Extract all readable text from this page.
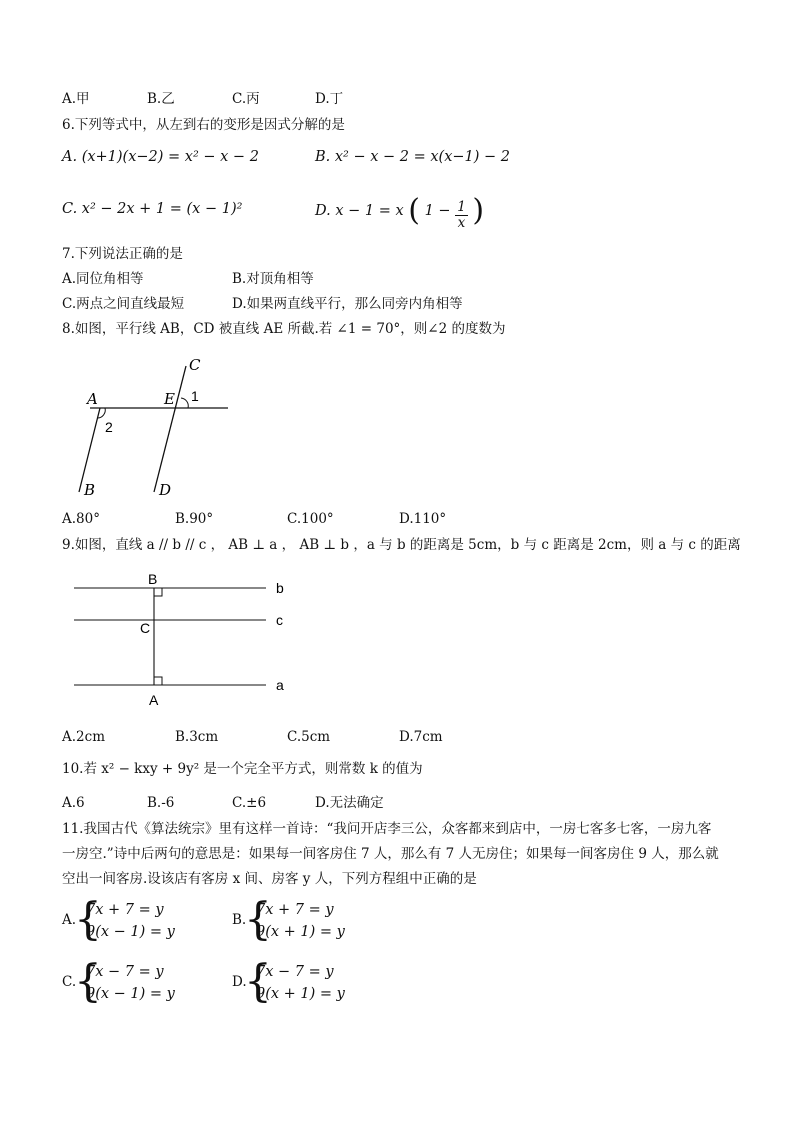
A.甲	B.乙	C.丙	D.丁
6.下列等式中，从左到右的变形是因式分解的是
A. (x+1)(x−2) = x² − x − 2	B. x² − x − 2 = x(x−1) − 2
C. x² − 2x + 1 = (x − 1)²	D. x − 1 = x ( $1 - \frac{1}{x}$ )
7.下列说法正确的是
A.同位角相等	B.对顶角相等
C.两点之间直线最短	D.如果两直线平行，那么同旁内角相等
8.如图，平行线 AB，CD 被直线 AE 所截.若 ∠1 = 70°，则∠2 的度数为
A	E
C
1
2
B	D
A.80°	B.90°	C.100°	D.110°
9.如图，直线 a // b // c ， AB ⊥ a ， AB ⊥ b ，a 与 b 的距离是 5cm，b 与 c 距离是 2cm，则 a 与 c 的距离
B
C
A
b
c
a
A.2cm	B.3cm	C.5cm	D.7cm
10.若 x² − kxy + 9y² 是一个完全平方式，则常数 k 的值为
A.6	B.-6	C.±6	D.无法确定
11.我国古代《算法统宗》里有这样一首诗：“我问开店李三公，众客都来到店中，一房七客多七客，一房九客
一房空.”诗中后两句的意思是：如果每一间客房住 7 人，那么有 7 人无房住；如果每一间客房住 9 人，那么就
空出一间客房.设该店有客房 x 间、房客 y 人，下列方程组中正确的是
A.
{
7x + 7 = y
9(x − 1) = y
B.
{
7x + 7 = y
9(x + 1) = y
C.
{
7x − 7 = y
9(x − 1) = y
D.
{
7x − 7 = y
9(x + 1) = y
